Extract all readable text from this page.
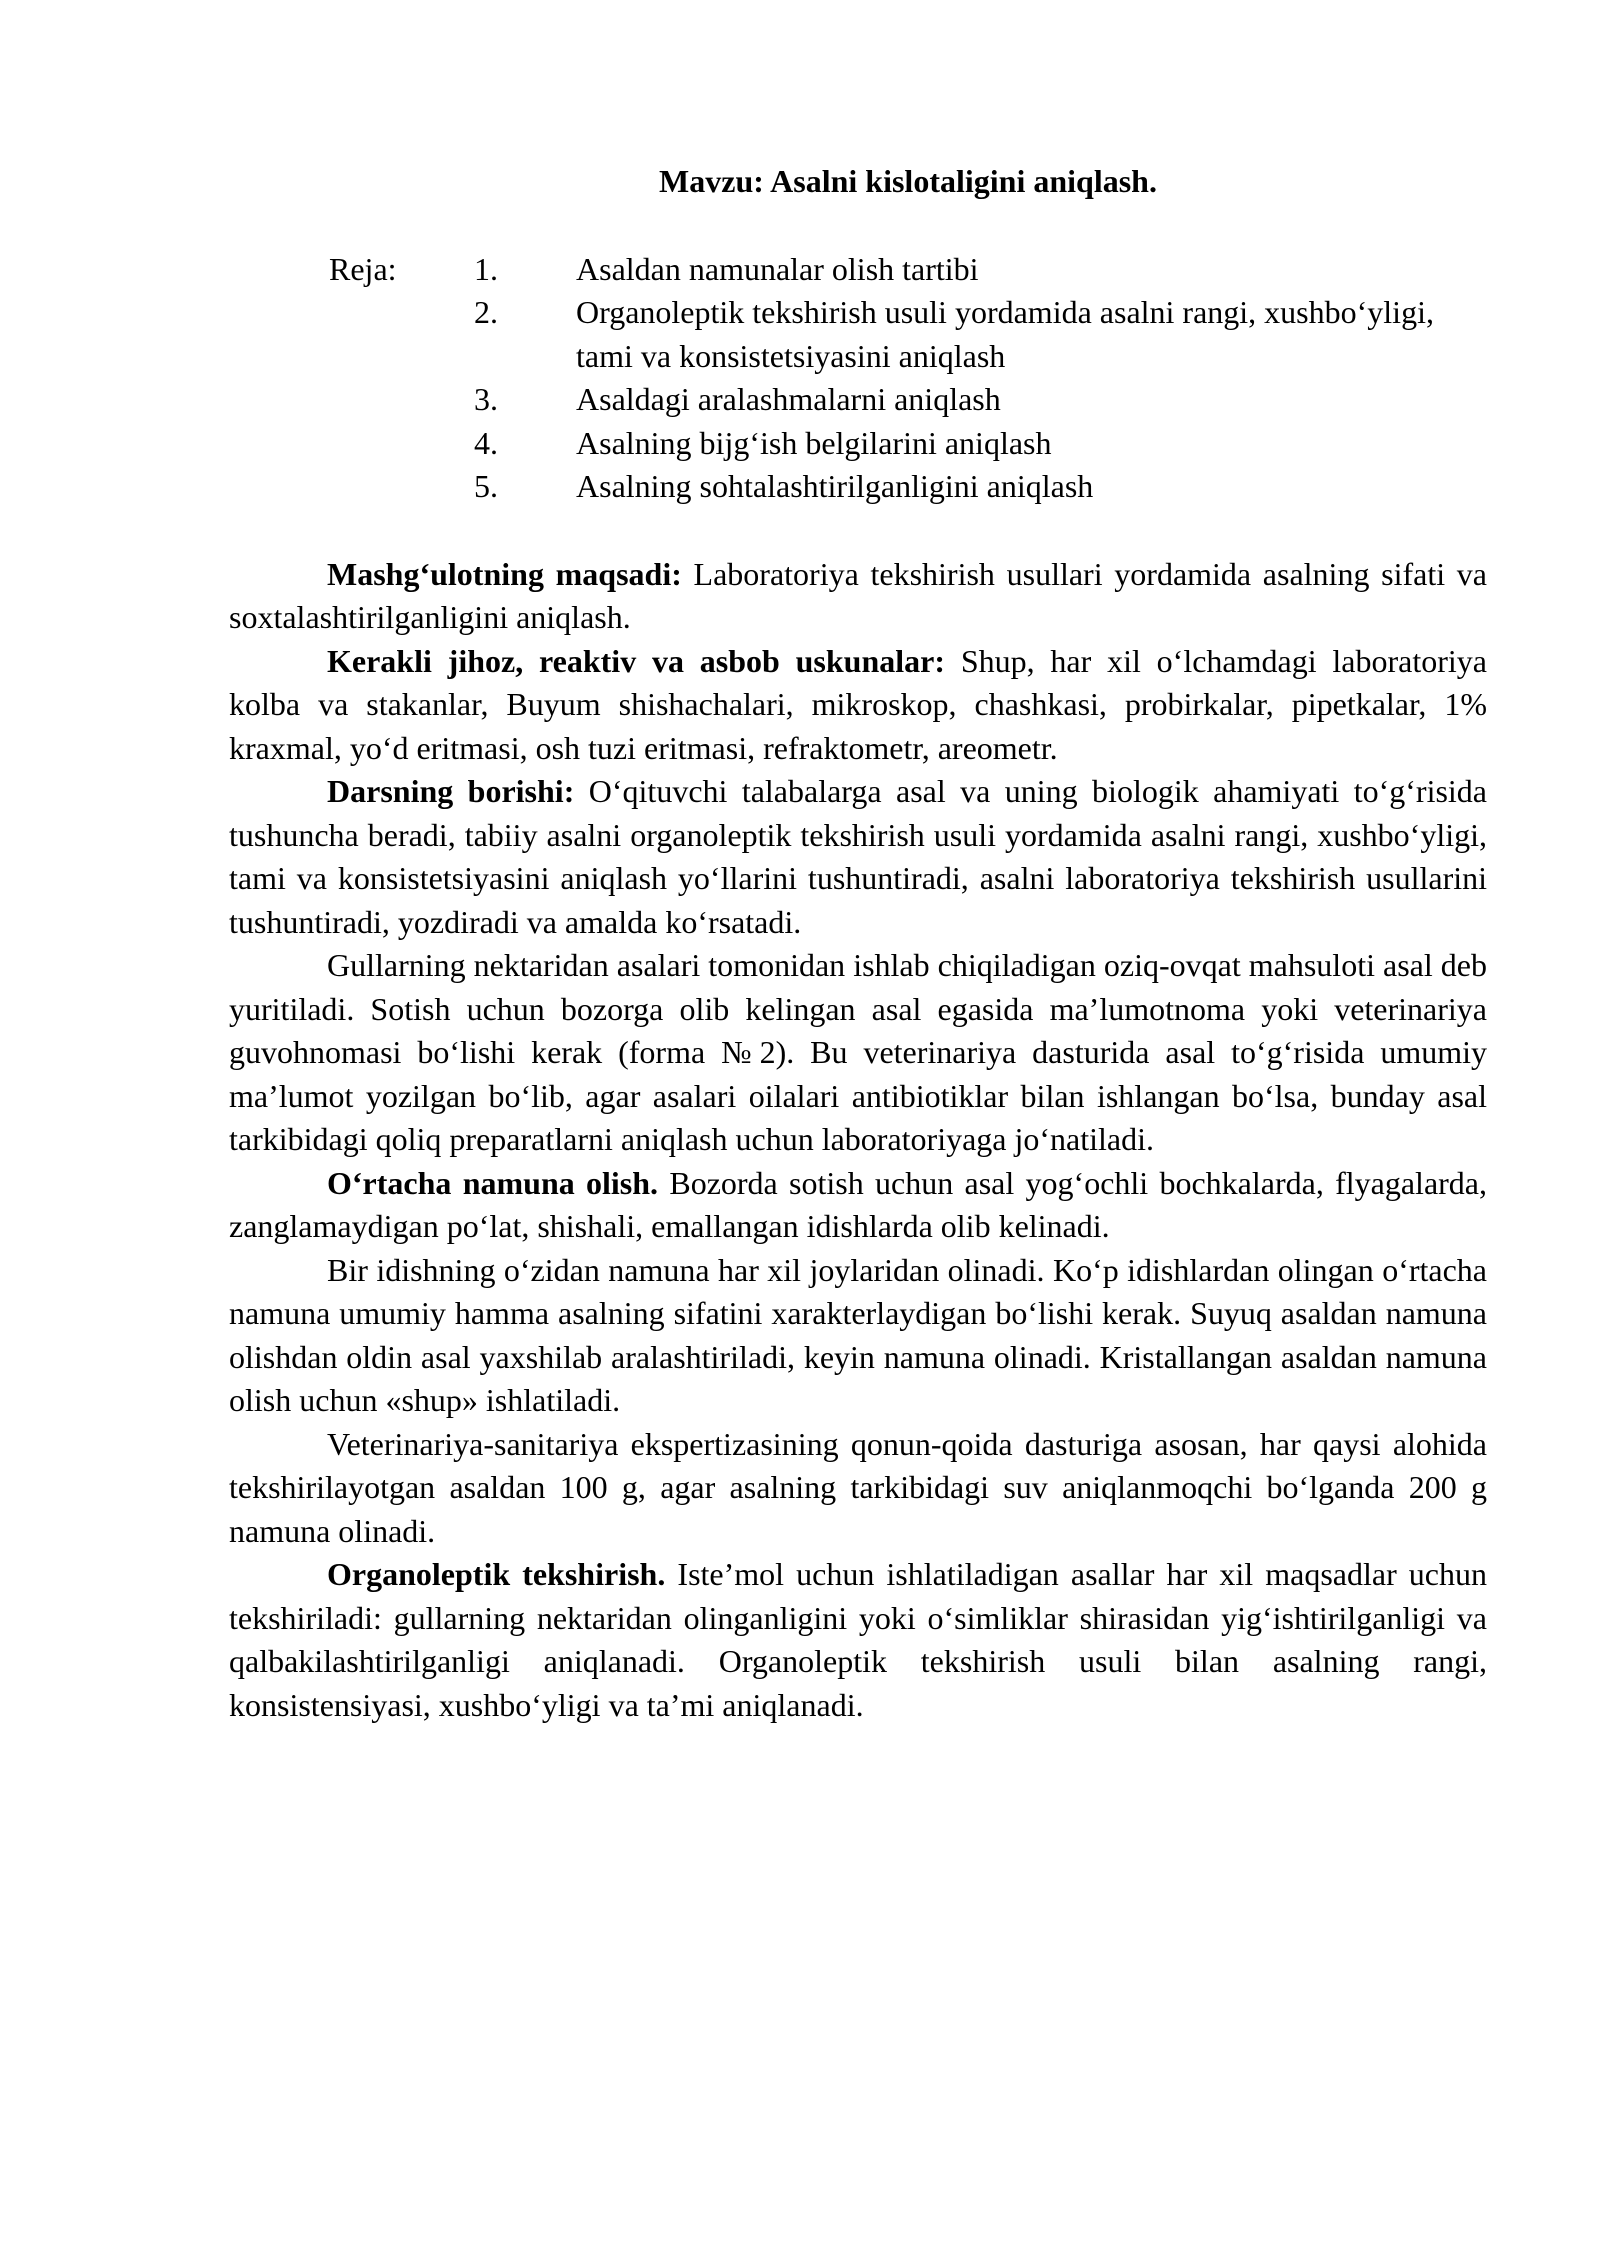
Mavzu: Asalni kislotaligini aniqlash.
Reja: 1. Asaldan namunalar olish tartibi
2. Organoleptik tekshirish usuli yordamida asalni rangi, xushbo‘yligi, tami va konsistetsiyasini aniqlash
3. Asaldagi aralashmalarni aniqlash
4. Asalning bijg‘ish belgilarini aniqlash
5. Asalning sohtalashtirilganligini aniqlash

Mashg‘ulotning maqsadi: Laboratoriya tekshirish usullari yordamida asalning sifati va soxtalashtirilganligini aniqlash.

Kerakli jihoz, reaktiv va asbob uskunalar: Shup, har xil o‘lchamdagi laboratoriya kolba va stakanlar, Buyum shishachalari, mikroskop, chashkasi, probirkalar, pipetkalar, 1% kraxmal, yo‘d eritmasi, osh tuzi eritmasi, refraktometr, areometr.

Darsning borishi: O‘qituvchi talabalarga asal va uning biologik ahamiyati to‘g‘risida tushuncha beradi, tabiiy asalni organoleptik tekshirish usuli yordamida asalni rangi, xushbo‘yligi, tami va konsistetsiyasini aniqlash yo‘llarini tushuntiradi, asalni laboratoriya tekshirish usullarini tushuntiradi, yozdiradi va amalda ko‘rsatadi.

Gullarning nektaridan asalari tomonidan ishlab chiqiladigan oziq-ovqat mahsuloti asal deb yuritiladi. Sotish uchun bozorga olib kelingan asal egasida ma’lumotnoma yoki veterinariya guvohnomasi bo‘lishi kerak (forma №2). Bu veterinariya dasturida asal to‘g‘risida umumiy ma’lumot yozilgan bo‘lib, agar asalari oilalari antibiotiklar bilan ishlangan bo‘lsa, bunday asal tarkibidagi qoliq preparatlarni aniqlash uchun laboratoriyaga jo‘natiladi.

O‘rtacha namuna olish. Bozorda sotish uchun asal yog‘ochli bochkalarda, flyagalarda, zanglamaydigan po‘lat, shishali, emallangan idishlarda olib kelinadi.

Bir idishning o‘zidan namuna har xil joylaridan olinadi. Ko‘p idishlardan olingan o‘rtacha namuna umumiy hamma asalning sifatini xarakterlaydigan bo‘lishi kerak. Suyuq asaldan namuna olishdan oldin asal yaxshilab aralashtiriladi, keyin namuna olinadi. Kristallangan asaldan namuna olish uchun «shup» ishlatiladi.

Veterinariya-sanitariya ekspertizasining qonun-qoida dasturiga asosan, har qaysi alohida tekshirilayotgan asaldan 100 g, agar asalning tarkibidagi suv aniqlanmoqchi bo‘lganda 200 g namuna olinadi.

Organoleptik tekshirish. Iste’mol uchun ishlatiladigan asallar har xil maqsadlar uchun tekshiriladi: gullarning nektaridan olinganligini yoki o‘simliklar shirasidan yig‘ishtirilganligi va qalbakilashtirilganligi aniqlanadi. Organoleptik tekshirish usuli bilan asalning rangi, konsistensiyasi, xushbo‘yligi va ta’mi aniqlanadi.
